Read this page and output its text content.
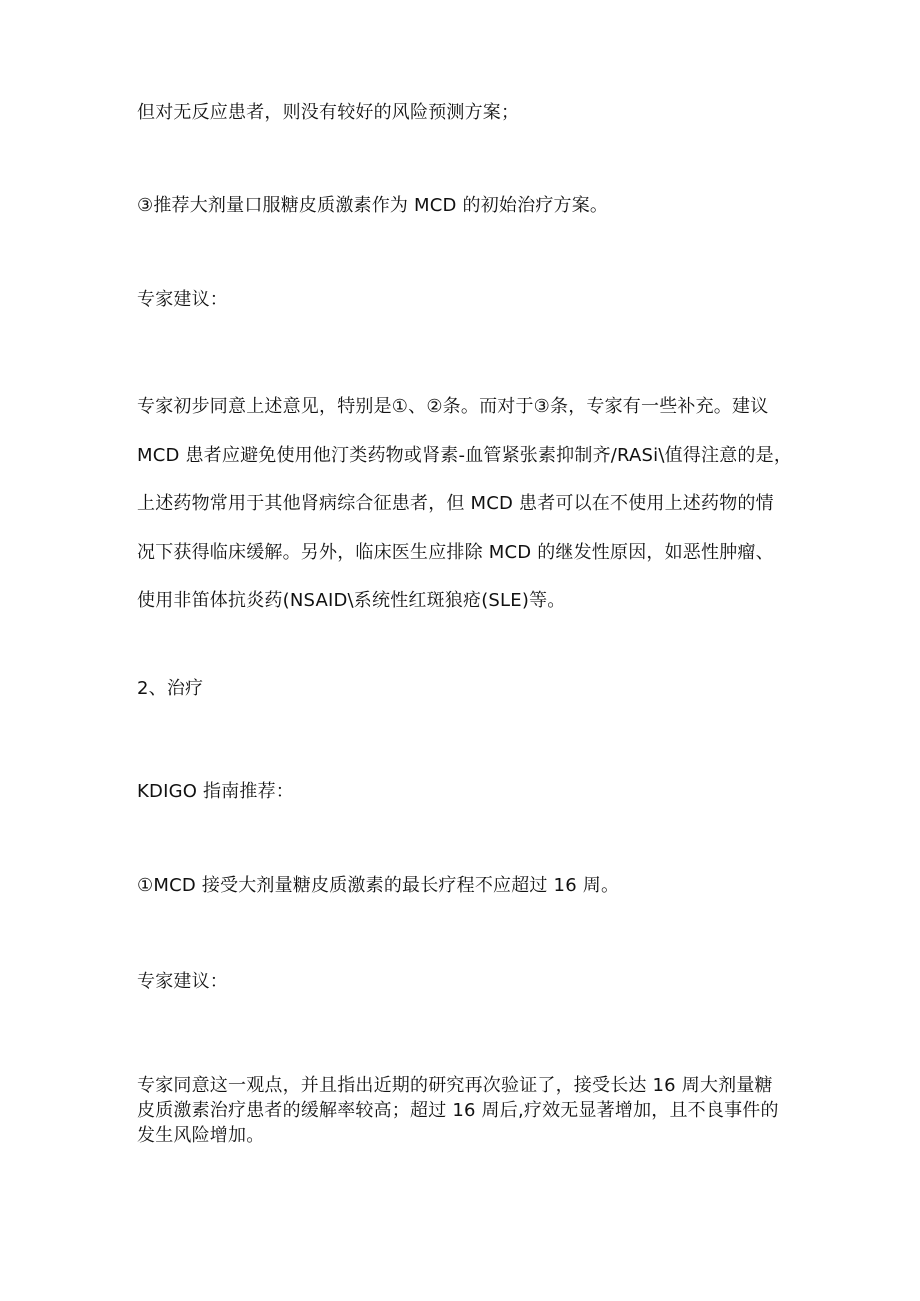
但对无反应患者，则没有较好的风险预测方案；
③推荐大剂量口服糖皮质激素作为 MCD 的初始治疗方案。
专家建议：
专家初步同意上述意见，特别是①、②条。而对于③条，专家有一些补充。建议
MCD 患者应避免使用他汀类药物或肾素-血管紧张素抑制齐/RASi\值得注意的是，
上述药物常用于其他肾病综合征患者，但 MCD 患者可以在不使用上述药物的情
况下获得临床缓解。另外，临床医生应排除 MCD 的继发性原因，如恶性肿瘤、
使用非笛体抗炎药(NSAID\系统性红斑狼疮(SLE)等。
2、治疗
KDIGO 指南推荐：
①MCD 接受大剂量糖皮质激素的最长疗程不应超过 16 周。
专家建议：
专家同意这一观点，并且指出近期的研究再次验证了，接受长达 16 周大剂量糖
皮质激素治疗患者的缓解率较高；超过 16 周后,疗效无显著增加，且不良事件的
发生风险增加。
